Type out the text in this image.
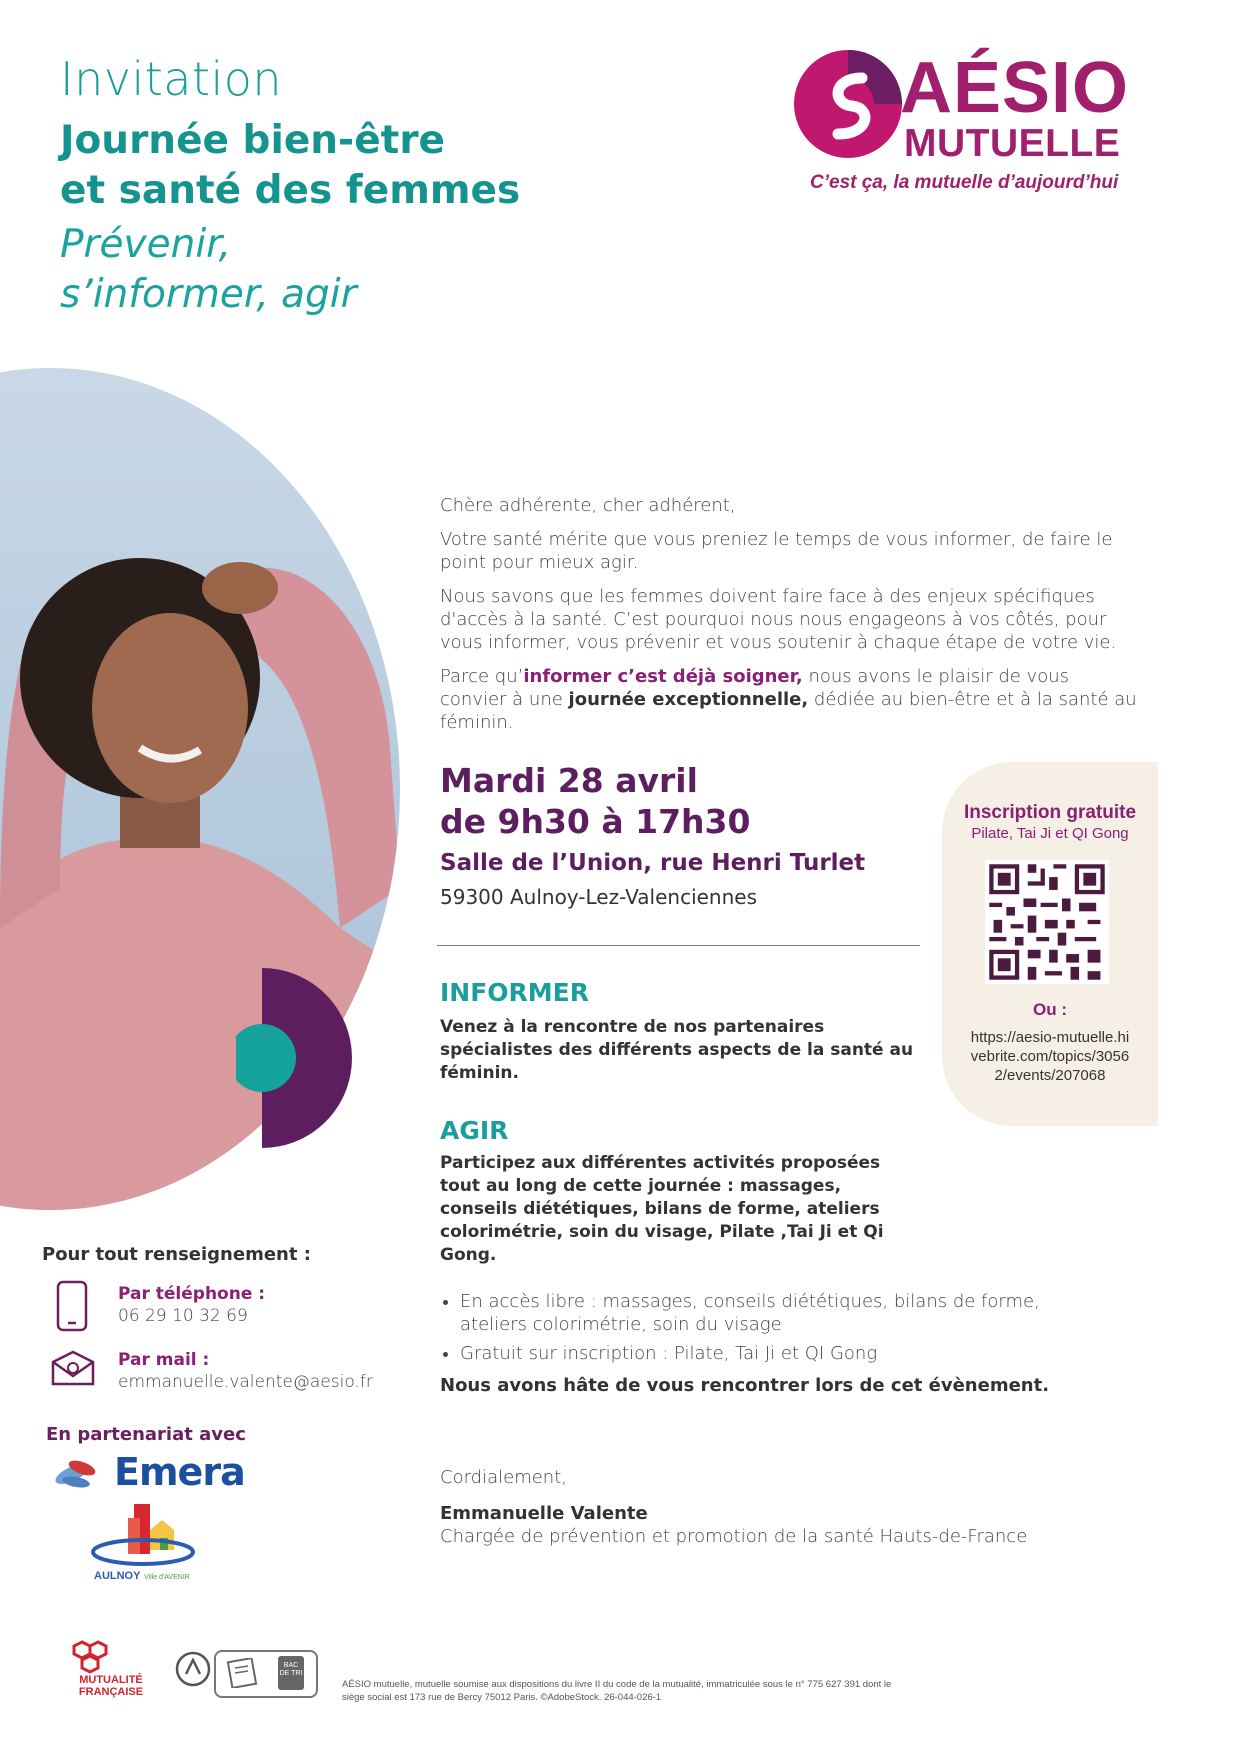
Invitation
Journée bien-être
et santé des femmes
Prévenir,
s’informer, agir
AÉSIO
MUTUELLE
C’est ça, la mutuelle d’aujourd’hui

Chère adhérente, cher adhérent,

Votre santé mérite que vous preniez le temps de vous informer, de faire le point pour mieux agir.

Nous savons que les femmes doivent faire face à des enjeux spécifiques d'accès à la santé. C’est pourquoi nous nous engageons à vos côtés, pour vous informer, vous prévenir et vous soutenir à chaque étape de votre vie.

Parce qu’informer c’est déjà soigner, nous avons le plaisir de vous convier à une journée exceptionnelle, dédiée au bien-être et à la santé au féminin.

Mardi 28 avril
de 9h30 à 17h30
Salle de l’Union, rue Henri Turlet
59300 Aulnoy-Lez-Valenciennes
INFORMER
Venez à la rencontre de nos partenaires spécialistes des différents aspects de la santé au féminin.
AGIR
Participez aux différentes activités proposées tout au long de cette journée : massages, conseils diététiques, bilans de forme, ateliers colorimétrie, soin du visage, Pilate ,Tai Ji et Qi Gong.
• En accès libre : massages, conseils diététiques, bilans de forme, ateliers colorimétrie, soin du visage
• Gratuit sur inscription : Pilate, Tai Ji et QI Gong
Nous avons hâte de vous rencontrer lors de cet évènement.
Cordialement,
Emmanuelle Valente
Chargée de prévention et promotion de la santé Hauts-de-France
Inscription gratuite
Pilate, Tai Ji et QI Gong
Ou :
https://aesio-mutuelle.hivebrite.com/topics/30562/events/207068
Pour tout renseignement :
Par téléphone :
06 29 10 32 69
Par mail :
emmanuelle.valente@aesio.fr
En partenariat avec
Emera
AULNOY Ville d'AVENIR
MUTUALITÉ
FRANÇAISE
BAC DE TRI
AÉSIO mutuelle, mutuelle soumise aux dispositions du livre II du code de la mutualité, immatriculée sous le n° 775 627 391 dont le siège social est 173 rue de Bercy 75012 Paris. ©AdobeStock. 26-044-026-1
